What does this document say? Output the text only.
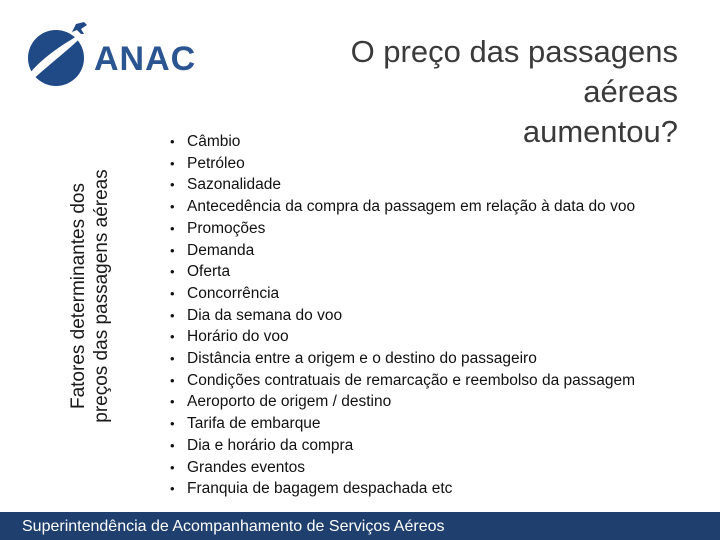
ANAC	O preço das passagens aéreas
aumentou?
Fatores determinantes dos preços das passagens aéreas
• Câmbio
• Petróleo
• Sazonalidade
• Antecedência da compra da passagem em relação à data do voo
• Promoções
• Demanda
• Oferta
• Concorrência
• Dia da semana do voo
• Horário do voo
• Distância entre a origem e o destino do passageiro
• Condições contratuais de remarcação e reembolso da passagem
• Aeroporto de origem / destino
• Tarifa de embarque
• Dia e horário da compra
• Grandes eventos
• Franquia de bagagem despachada etc
Superintendência de Acompanhamento de Serviços Aéreos
